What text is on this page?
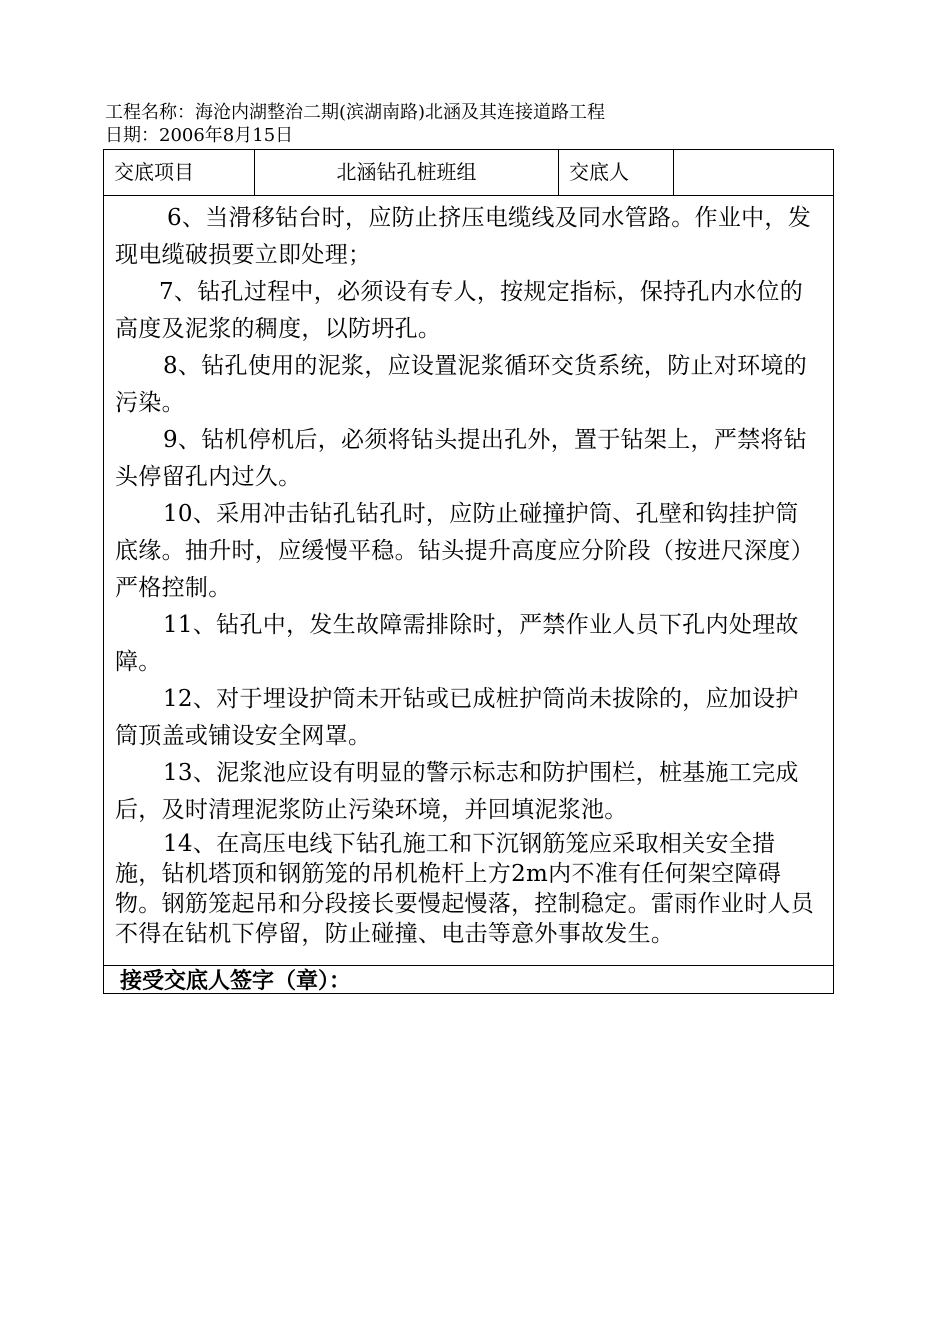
工程名称：海沧内湖整治二期(滨湖南路)北涵及其连接道路工程
日期：2006年8月15日
交底项目	北涵钻孔桩班组	交底人

6、当滑移钻台时，应防止挤压电缆线及同水管路。作业中，发现电缆破损要立即处理；

7、钻孔过程中，必须设有专人，按规定指标，保持孔内水位的高度及泥浆的稠度，以防坍孔。

8、钻孔使用的泥浆，应设置泥浆循环交货系统，防止对环境的污染。

9、钻机停机后，必须将钻头提出孔外，置于钻架上，严禁将钻头停留孔内过久。

10、采用冲击钻孔钻孔时，应防止碰撞护筒、孔壁和钩挂护筒底缘。抽升时，应缓慢平稳。钻头提升高度应分阶段（按进尺深度）严格控制。

11、钻孔中，发生故障需排除时，严禁作业人员下孔内处理故障。

12、对于埋设护筒未开钻或已成桩护筒尚未拔除的，应加设护筒顶盖或铺设安全网罩。

13、泥浆池应设有明显的警示标志和防护围栏，桩基施工完成后，及时清理泥浆防止污染环境，并回填泥浆池。

14、在高压电线下钻孔施工和下沉钢筋笼应采取相关安全措施，钻机塔顶和钢筋笼的吊机桅杆上方2m内不准有任何架空障碍物。钢筋笼起吊和分段接长要慢起慢落，控制稳定。雷雨作业时人员不得在钻机下停留，防止碰撞、电击等意外事故发生。

接受交底人签字（章）：
